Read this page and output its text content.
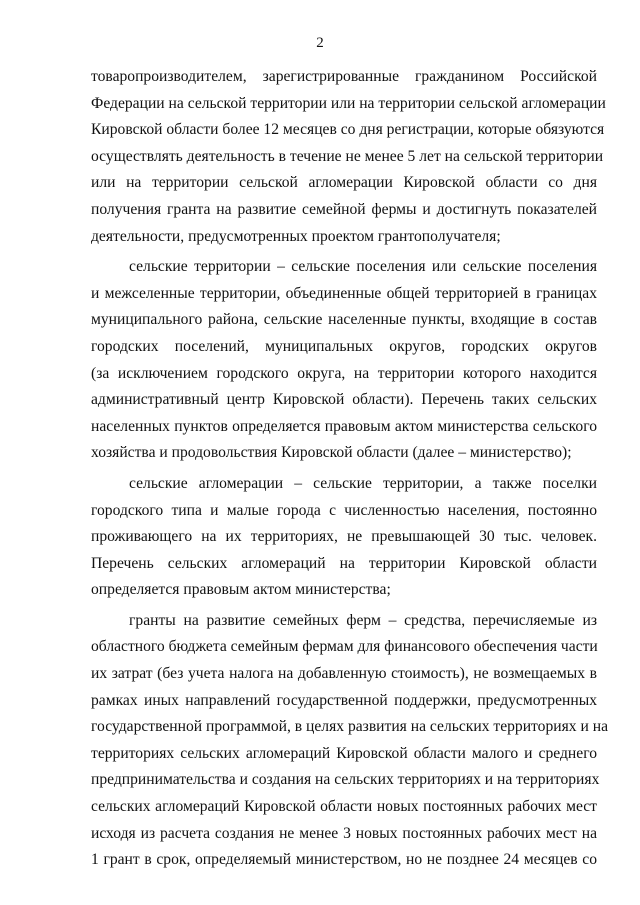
2
товаропроизводителем, зарегистрированные гражданином Российской
Федерации на сельской территории или на территории сельской агломерации
Кировской области более 12 месяцев со дня регистрации, которые обязуются
осуществлять деятельность в течение не менее 5 лет на сельской территории
или на территории сельской агломерации Кировской области со дня
получения гранта на развитие семейной фермы и достигнуть показателей
деятельности, предусмотренных проектом грантополучателя;
сельские территории – сельские поселения или сельские поселения
и межселенные территории, объединенные общей территорией в границах
муниципального района, сельские населенные пункты, входящие в состав
городских поселений, муниципальных округов, городских округов
(за исключением городского округа, на территории которого находится
административный центр Кировской области). Перечень таких сельских
населенных пунктов определяется правовым актом министерства сельского
хозяйства и продовольствия Кировской области (далее – министерство);
сельские агломерации – сельские территории, а также поселки
городского типа и малые города с численностью населения, постоянно
проживающего на их территориях, не превышающей 30 тыс. человек.
Перечень сельских агломераций на территории Кировской области
определяется правовым актом министерства;
гранты на развитие семейных ферм – средства, перечисляемые из
областного бюджета семейным фермам для финансового обеспечения части
их затрат (без учета налога на добавленную стоимость), не возмещаемых в
рамках иных направлений государственной поддержки, предусмотренных
государственной программой, в целях развития на сельских территориях и на
территориях сельских агломераций Кировской области малого и среднего
предпринимательства и создания на сельских территориях и на территориях
сельских агломераций Кировской области новых постоянных рабочих мест
исходя из расчета создания не менее 3 новых постоянных рабочих мест на
1 грант в срок, определяемый министерством, но не позднее 24 месяцев со
